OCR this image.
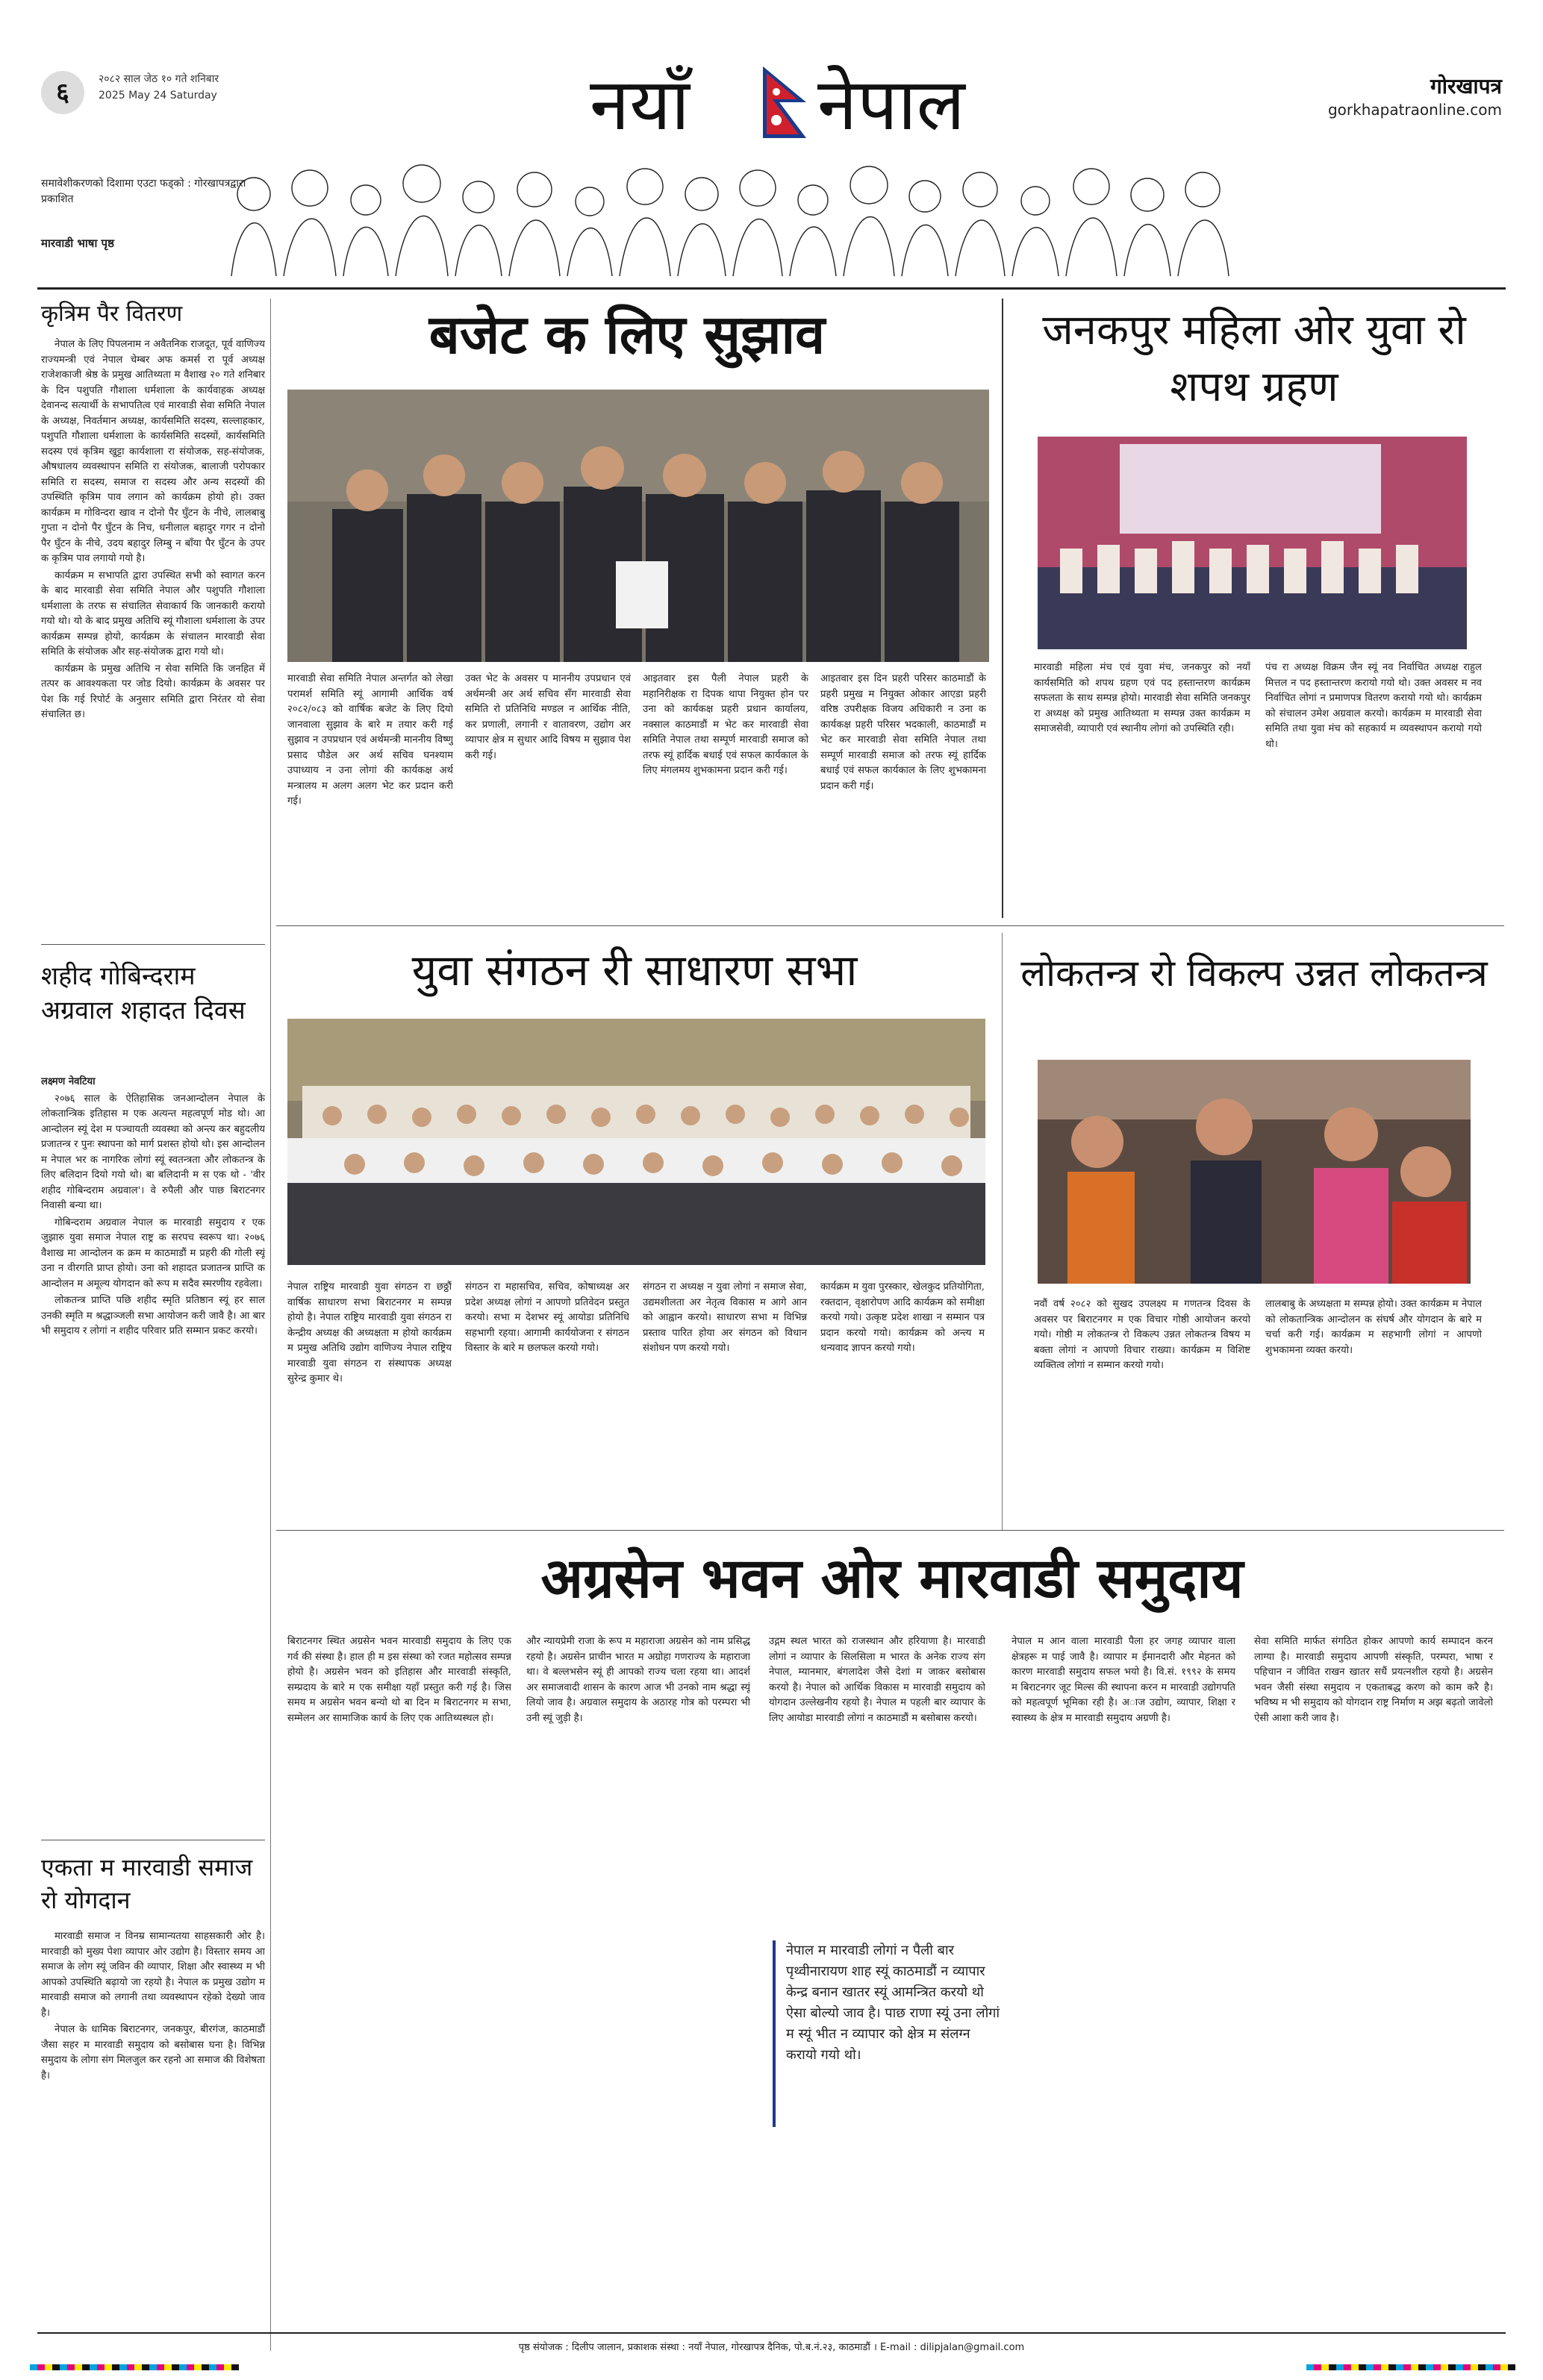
६	२०८२ साल जेठ १० गते शनिबार
2025 May 24 Saturday	नयाँ नेपाल	गोरखापत्र
gorkhapatraonline.com
समावेशीकरणको दिशामा एउटा फड्को : गोरखापत्रद्वारा प्रकाशित
मारवाडी भाषा पृष्ठ
कृत्रिम पैर वितरण

नेपाल के लिए पिपलनाम न अवैतनिक राजदूत, पूर्व वाणिज्य राज्यमन्त्री एवं नेपाल चेम्बर अफ कमर्स रा पूर्व अध्यक्ष राजेशकाजी श्रेष्ठ के प्रमुख आतिथ्यता म वैशाख २० गते शनिबार के दिन पशुपति गौशाला धर्मशाला के कार्यवाहक अध्यक्ष देवानन्द सत्यार्थी के सभापतित्व एवं मारवाडी सेवा समिति नेपाल के अध्यक्ष, निवर्तमान अध्यक्ष, कार्यसमिति सदस्य, सल्लाहकार, पशुपति गौशाला धर्मशाला के कार्यसमिति सदस्यों, कार्यसमिति सदस्य एवं कृत्रिम खुट्टा कार्यशाला रा संयोजक, सह-संयोजक, औषधालय व्यवस्थापन समिति रा संयोजक, बालाजी परोपकार समिति रा सदस्य, समाज रा सदस्य और अन्य सदस्यों की उपस्थिति कृत्रिम पाव लगान को कार्यक्रम होयो हो। उक्त कार्यक्रम म गोविन्दरा खाव न दोनो पैर घुँटन के नीचे, लालबाबु गुप्ता न दोनो पैर घुँटन के निच, धनीलाल बहादुर गगर न दोनो पैर घुँटन के नीचे, उदय बहादुर लिम्बु न बाँया पैर घुँटन के उपर क कृत्रिम पाव लगायो गयो है।

कार्यक्रम म सभापति द्वारा उपस्थित सभी को स्वागत करन के बाद मारवाडी सेवा समिति नेपाल और पशुपति गौशाला धर्मशाला के तरफ स संचालित सेवाकार्य कि जानकारी करायो गयो थो। यो के बाद प्रमुख अतिथि स्यूं गौशाला धर्मशाला के उपर कार्यक्रम सम्पन्न होयो, कार्यक्रम के संचालन मारवाडी सेवा समिति के संयोजक और सह-संयोजक द्वारा गयो थो।

कार्यक्रम के प्रमुख अतिथि न सेवा समिति कि जनहित में तत्पर क आवश्यकता पर जोड दियो। कार्यक्रम के अवसर पर पेश कि गई रिपोर्ट के अनुसार समिति द्वारा निरंतर यो सेवा संचालित छ।

शहीद गोबिन्दराम अग्रवाल शहादत दिवस

लक्ष्मण नेवटिया

२०७६ साल के ऐतिहासिक जनआन्दोलन नेपाल के लोकतान्त्रिक इतिहास म एक अत्यन्त महत्वपूर्ण मोड थो। आ आन्दोलन स्यूं देश म पञ्चायती व्यवस्था को अन्त्य कर बहुदलीय प्रजातन्त्र र पुनः स्थापना को मार्ग प्रशस्त होयो थो। इस आन्दोलन म नेपाल भर क नागरिक लोगां स्यूं स्वतन्त्रता और लोकतन्त्र के लिए बलिदान दियो गयो थो। बा बलिदानी म स एक थो - 'वीर शहीद गोबिन्दराम अग्रवाल'। वे रुपैली और पाछ बिराटनगर निवासी बन्या था।

गोबिन्दराम अग्रवाल नेपाल क मारवाडी समुदाय र एक जुझारु युवा समाज नेपाल राष्ट्र क सरपच स्वरूप था। २०७६ वैशाख मा आन्दोलन क क्रम म काठमाडौं म प्रहरी की गोली स्यूं उना न वीरगति प्राप्त होयो। उना को शहादत प्रजातन्त्र प्राप्ति क आन्दोलन म अमूल्य योगदान को रूप म सदैव स्मरणीय रहवेला।

लोकतन्त्र प्राप्ति पछि शहीद स्मृति प्रतिष्ठान स्यूं हर साल उनकी स्मृति म श्रद्धाञ्जली सभा आयोजन करी जावै है। आ बार भी समुदाय र लोगां न शहीद परिवार प्रति सम्मान प्रकट करयो।

एकता म मारवाडी समाज रो योगदान

मारवाडी समाज न विनम्र सामान्यतया साहसकारी ओर है। मारवाडी को मुख्य पेशा व्यापार ओर उद्योग है। विस्तार समय आ समाज के लोग स्यूं जविन की व्यापार, शिक्षा और स्वास्थ्य म भी आपको उपस्थिति बढ़ायो जा रहयो है। नेपाल क प्रमुख उद्योग म मारवाडी समाज को लगानी तथा व्यवस्थापन रहेको देख्यो जाव है।

नेपाल के धामिक बिराटनगर, जनकपुर, बीरगंज, काठमाडौं जैसा सहर म मारवाडी समुदाय को बसोबास घना है। विभिन्न समुदाय के लोगा संग मिलजुल कर रहनो आ समाज की विशेषता है।

बजेट क लिए सुझाव
मारवाडी सेवा समिति नेपाल अन्तर्गत को लेखा परामर्श समिति स्यूं आगामी आर्थिक वर्ष २०८२/०८३ को वार्षिक बजेट के लिए दियो जानवाला सुझाव के बारे म तयार करी गई सुझाव न उपप्रधान एवं अर्थमन्त्री माननीय विष्णु प्रसाद पौडेल अर अर्थ सचिव घनश्याम उपाध्याय न उना लोगां की कार्यकक्ष अर्थ मन्त्रालय म अलग अलग भेट कर प्रदान करी गई।
उक्त भेट के अवसर प माननीय उपप्रधान एवं अर्थमन्त्री अर अर्थ सचिव सँग मारवाडी सेवा समिति रो प्रतिनिधि मण्डल न आर्थिक नीति, कर प्रणाली, लगानी र वातावरण, उद्योग अर व्यापार क्षेत्र म सुधार आदि विषय म सुझाव पेश करी गई।
आइतवार इस पैली नेपाल प्रहरी के महानिरीक्षक रा दिपक थापा नियुक्त होन पर उना को कार्यकक्ष प्रहरी प्रधान कार्यालय, नक्साल काठमाडौं म भेट कर मारवाडी सेवा समिति नेपाल तथा सम्पूर्ण मारवाडी समाज को तरफ स्यूं हार्दिक बधाई एवं सफल कार्यकाल के लिए मंगलमय शुभकामना प्रदान करी गई।
आइतवार इस दिन प्रहरी परिसर काठमाडौं के प्रहरी प्रमुख म नियुक्त ओकार आएडा प्रहरी वरिष्ठ उपरीक्षक विजय अधिकारी न उना क कार्यकक्ष प्रहरी परिसर भदकाली, काठमाडौं म भेट कर मारवाडी सेवा समिति नेपाल तथा सम्पूर्ण मारवाडी समाज को तरफ स्यूं हार्दिक बधाई एवं सफल कार्यकाल के लिए शुभकामना प्रदान करी गई।
जनकपुर महिला ओर युवा रो शपथ ग्रहण
मारवाडी महिला मंच एवं युवा मंच, जनकपुर को नयाँ कार्यसमिति को शपथ ग्रहण एवं पद हस्तान्तरण कार्यक्रम सफलता के साथ सम्पन्न होयो। मारवाडी सेवा समिति जनकपुर रा अध्यक्ष को प्रमुख आतिथ्यता म सम्पन्न उक्त कार्यक्रम म समाजसेवी, व्यापारी एवं स्थानीय लोगां को उपस्थिति रही।
पंच रा अध्यक्ष विक्रम जैन स्यूं नव निर्वाचित अध्यक्ष राहुल मित्तल न पद हस्तान्तरण करायो गयो थो। उक्त अवसर म नव निर्वाचित लोगां न प्रमाणपत्र वितरण करायो गयो थो। कार्यक्रम को संचालन उमेश अग्रवाल करयो। कार्यक्रम म मारवाडी सेवा समिति तथा युवा मंच को सहकार्य म व्यवस्थापन करायो गयो थो।
युवा संगठन री साधारण सभा
नेपाल राष्ट्रिय मारवाडी युवा संगठन रा छठ्ठौं वार्षिक साधारण सभा बिराटनगर म सम्पन्न होयो है। नेपाल राष्ट्रिय मारवाडी युवा संगठन रा केन्द्रीय अध्यक्ष की अध्यक्षता म होयो कार्यक्रम म प्रमुख अतिथि उद्योग वाणिज्य नेपाल राष्ट्रिय मारवाडी युवा संगठन रा संस्थापक अध्यक्ष सुरेन्द्र कुमार थे।
संगठन रा महासचिव, सचिव, कोषाध्यक्ष अर प्रदेश अध्यक्ष लोगां न आपणो प्रतिवेदन प्रस्तुत करयो। सभा म देशभर स्यूं आयोडा प्रतिनिधि सहभागी रहया। आगामी कार्ययोजना र संगठन विस्तार के बारे म छलफल करयो गयो।
संगठन रा अध्यक्ष न युवा लोगां न समाज सेवा, उद्यमशीलता अर नेतृत्व विकास म आगे आन को आह्वान करयो। साधारण सभा म विभिन्न प्रस्ताव पारित होया अर संगठन को विधान संशोधन पण करयो गयो।
कार्यक्रम म युवा पुरस्कार, खेलकुद प्रतियोगिता, रक्तदान, वृक्षारोपण आदि कार्यक्रम को समीक्षा करयो गयो। उत्कृष्ट प्रदेश शाखा न सम्मान पत्र प्रदान करयो गयो। कार्यक्रम को अन्त्य म धन्यवाद ज्ञापन करयो गयो।
लोकतन्त्र रो विकल्प उन्नत लोकतन्त्र
नवौं वर्ष २०८२ को सुखद उपलक्ष्य म गणतन्त्र दिवस के अवसर पर बिराटनगर म एक विचार गोष्ठी आयोजन करयो गयो। गोष्ठी म लोकतन्त्र रो विकल्प उन्नत लोकतन्त्र विषय म बक्ता लोगां न आपणो विचार राख्या। कार्यक्रम म विशिष्ट व्यक्तित्व लोगां न सम्मान करयो गयो।
लालबाबु के अध्यक्षता म सम्पन्न होयो। उक्त कार्यक्रम म नेपाल को लोकतान्त्रिक आन्दोलन क संघर्ष और योगदान के बारे म चर्चा करी गई। कार्यक्रम म सहभागी लोगां न आपणो शुभकामना व्यक्त करयो।
अग्रसेन भवन ओर मारवाडी समुदाय
बिराटनगर स्थित अग्रसेन भवन मारवाडी समुदाय के लिए एक गर्व की संस्था है। हाल ही म इस संस्था को रजत महोत्सव सम्पन्न होयो है। अग्रसेन भवन को इतिहास और मारवाडी संस्कृति, सम्प्रदाय के बारे म एक समीक्षा यहाँ प्रस्तुत करी गई है। जिस समय म अग्रसेन भवन बन्यो थो बा दिन म बिराटनगर म सभा, सम्मेलन अर सामाजिक कार्य के लिए एक आतिथ्यस्थल हो।
और न्यायप्रेमी राजा के रूप म महाराजा अग्रसेन को नाम प्रसिद्ध रहयो है। अग्रसेन प्राचीन भारत म अग्रोहा गणराज्य के महाराजा था। वे बल्लभसेन स्यूं ही आपको राज्य चला रहया था। आदर्श अर समाजवादी शासन के कारण आज भी उनको नाम श्रद्धा स्यूं लियो जाव है। अग्रवाल समुदाय के अठारह गोत्र को परम्परा भी उनी स्यूं जुड़ी है।
उद्गम स्थल भारत को राजस्थान और हरियाणा है। मारवाडी लोगां न व्यापार के सिलसिला म भारत के अनेक राज्य संग नेपाल, म्यानमार, बंगलादेश जैसे देशां म जाकर बसोबास करयो है। नेपाल को आर्थिक विकास म मारवाडी समुदाय को योगदान उल्लेखनीय रहयो है। नेपाल म पहली बार व्यापार के लिए आयोडा मारवाडी लोगां न काठमाडौं म बसोबास करयो।
नेपाल म मारवाडी लोगां न पैली बार पृथ्वीनारायण शाह स्यूं काठमाडौं न व्यापार केन्द्र बनान खातर स्यूं आमन्त्रित करयो थो ऐसा बोल्यो जाव है। पाछ राणा स्यूं उना लोगां म स्यूं भीत न व्यापार को क्षेत्र म संलग्न करायो गयो थो।
नेपाल म आन वाला मारवाडी पैला हर जगह व्यापार वाला क्षेत्रहरू म पाई जावै है। व्यापार म ईमानदारी और मेहनत को कारण मारवाडी समुदाय सफल भयो है। वि.सं. १९९२ के समय म बिराटनगर जूट मिल्स की स्थापना करन म मारवाडी उद्योगपति को महत्वपूर्ण भूमिका रही है। अाज उद्योग, व्यापार, शिक्षा र स्वास्थ्य के क्षेत्र म मारवाडी समुदाय अग्रणी है।
सेवा समिति मार्फत संगठित होकर आपणो कार्य सम्पादन करन लाग्या है। मारवाडी समुदाय आपणी संस्कृति, परम्परा, भाषा र पहिचान न जीवित राखन खातर सधैं प्रयत्नशील रहयो है। अग्रसेन भवन जैसी संस्था समुदाय न एकताबद्ध करण को काम करै है। भविष्य म भी समुदाय को योगदान राष्ट्र निर्माण म अझ बढ़तो जावेलो ऐसी आशा करी जाव है।
पृष्ठ संयोजक : दिलीप जालान, प्रकाशक संस्था : नयाँ नेपाल, गोरखापत्र दैनिक, पो.ब.नं.२३, काठमाडौं । E-mail : dilipjalan@gmail.com
